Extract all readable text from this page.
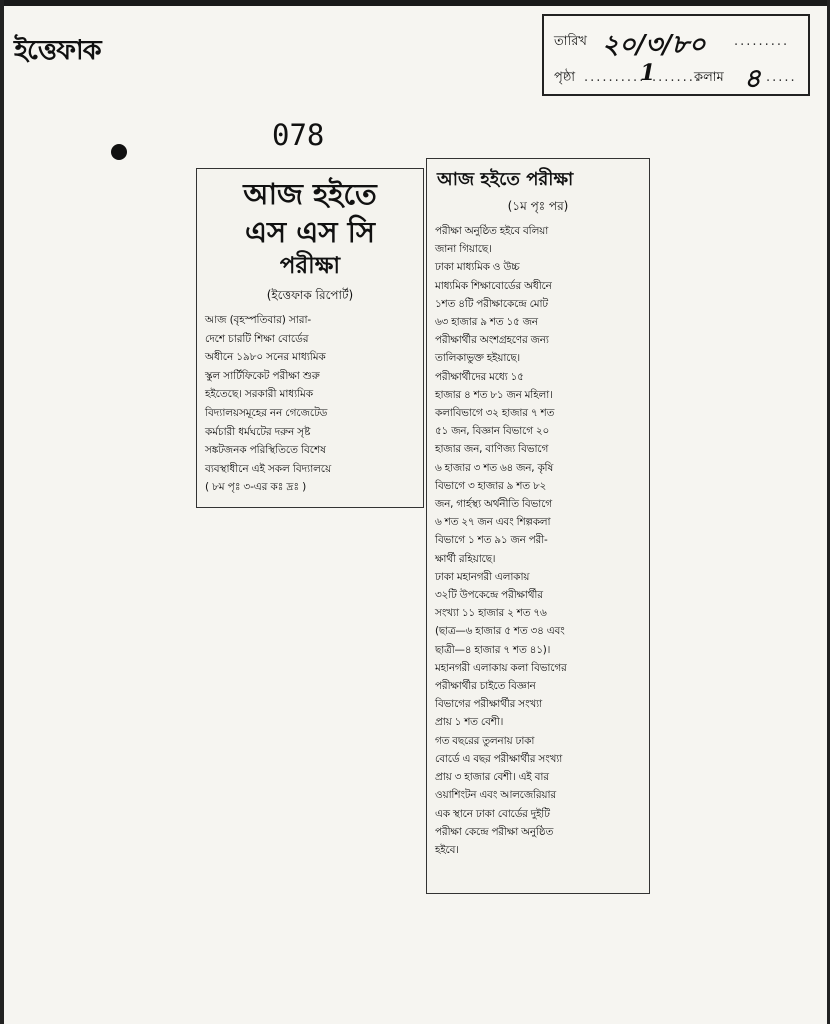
ইত্তেফাক	তারিখ ২০/৩/৮০ .........
পৃষ্ঠা ..........
1
........
কলাম ৪ .....
078

আজ হইতে

এস এস সি

পরীক্ষা

(ইত্তেফাক রিপোর্ট)

আজ (বৃহস্পতিবার) সারা-
দেশে চারটি শিক্ষা বোর্ডের
অধীনে ১৯৮০ সনের মাধ্যমিক
স্কুল সার্টিফিকেট পরীক্ষা শুরু
হইতেছে। সরকারী মাধ্যমিক
বিদ্যালয়সমূহের নন গেজেটেড
কর্মচারী ধর্মঘটের দরুন সৃষ্ট
সঙ্কটজনক পরিস্থিতিতে বিশেষ
ব্যবস্থাধীনে এই সকল বিদ্যালয়ে
( ৮ম পৃঃ ৩-এর কঃ দ্রঃ )

আজ হইতে পরীক্ষা

(১ম পৃঃ পর)

পরীক্ষা অনুষ্ঠিত হইবে বলিয়া
জানা গিয়াছে।
ঢাকা মাধ্যমিক ও উচ্চ
মাধ্যমিক শিক্ষাবোর্ডের অধীনে
১শত ৪টি পরীক্ষাকেন্দ্রে মোট
৬৩ হাজার ৯ শত ১৫ জন
পরীক্ষার্থীর অংশগ্রহণের জন্য
তালিকাভুক্ত হইয়াছে।
পরীক্ষার্থীদের মধ্যে ১৫
হাজার ৪ শত ৮১ জন মহিলা।
কলাবিভাগে ৩২ হাজার ৭ শত
৫১ জন, বিজ্ঞান বিভাগে ২০
হাজার জন, বাণিজ্য বিভাগে
৬ হাজার ৩ শত ৬৪ জন, কৃষি
বিভাগে ৩ হাজার ৯ শত ৮২
জন, গার্হস্থ্য অর্থনীতি বিভাগে
৬ শত ২৭ জন এবং শিল্পকলা
বিভাগে ১ শত ৯১ জন পরী-
ক্ষার্থী রহিয়াছে।
ঢাকা মহানগরী এলাকায়
৩২টি উপকেন্দ্রে পরীক্ষার্থীর
সংখ্যা ১১ হাজার ২ শত ৭৬
(ছাত্র—৬ হাজার ৫ শত ৩৪ এবং
ছাত্রী—৪ হাজার ৭ শত ৪১)।
মহানগরী এলাকায় কলা বিভাগের
পরীক্ষার্থীর চাইতে বিজ্ঞান
বিভাগের পরীক্ষার্থীর সংখ্যা
প্রায় ১ শত বেশী।
গত বছরের তুলনায় ঢাকা
বোর্ডে এ বছর পরীক্ষার্থীর সংখ্যা
প্রায় ৩ হাজার বেশী। এই বার
ওয়াশিংটন এবং আলজেরিয়ার
এক স্থানে ঢাকা বোর্ডের দুইটি
পরীক্ষা কেন্দ্রে পরীক্ষা অনুষ্ঠিত
হইবে।
